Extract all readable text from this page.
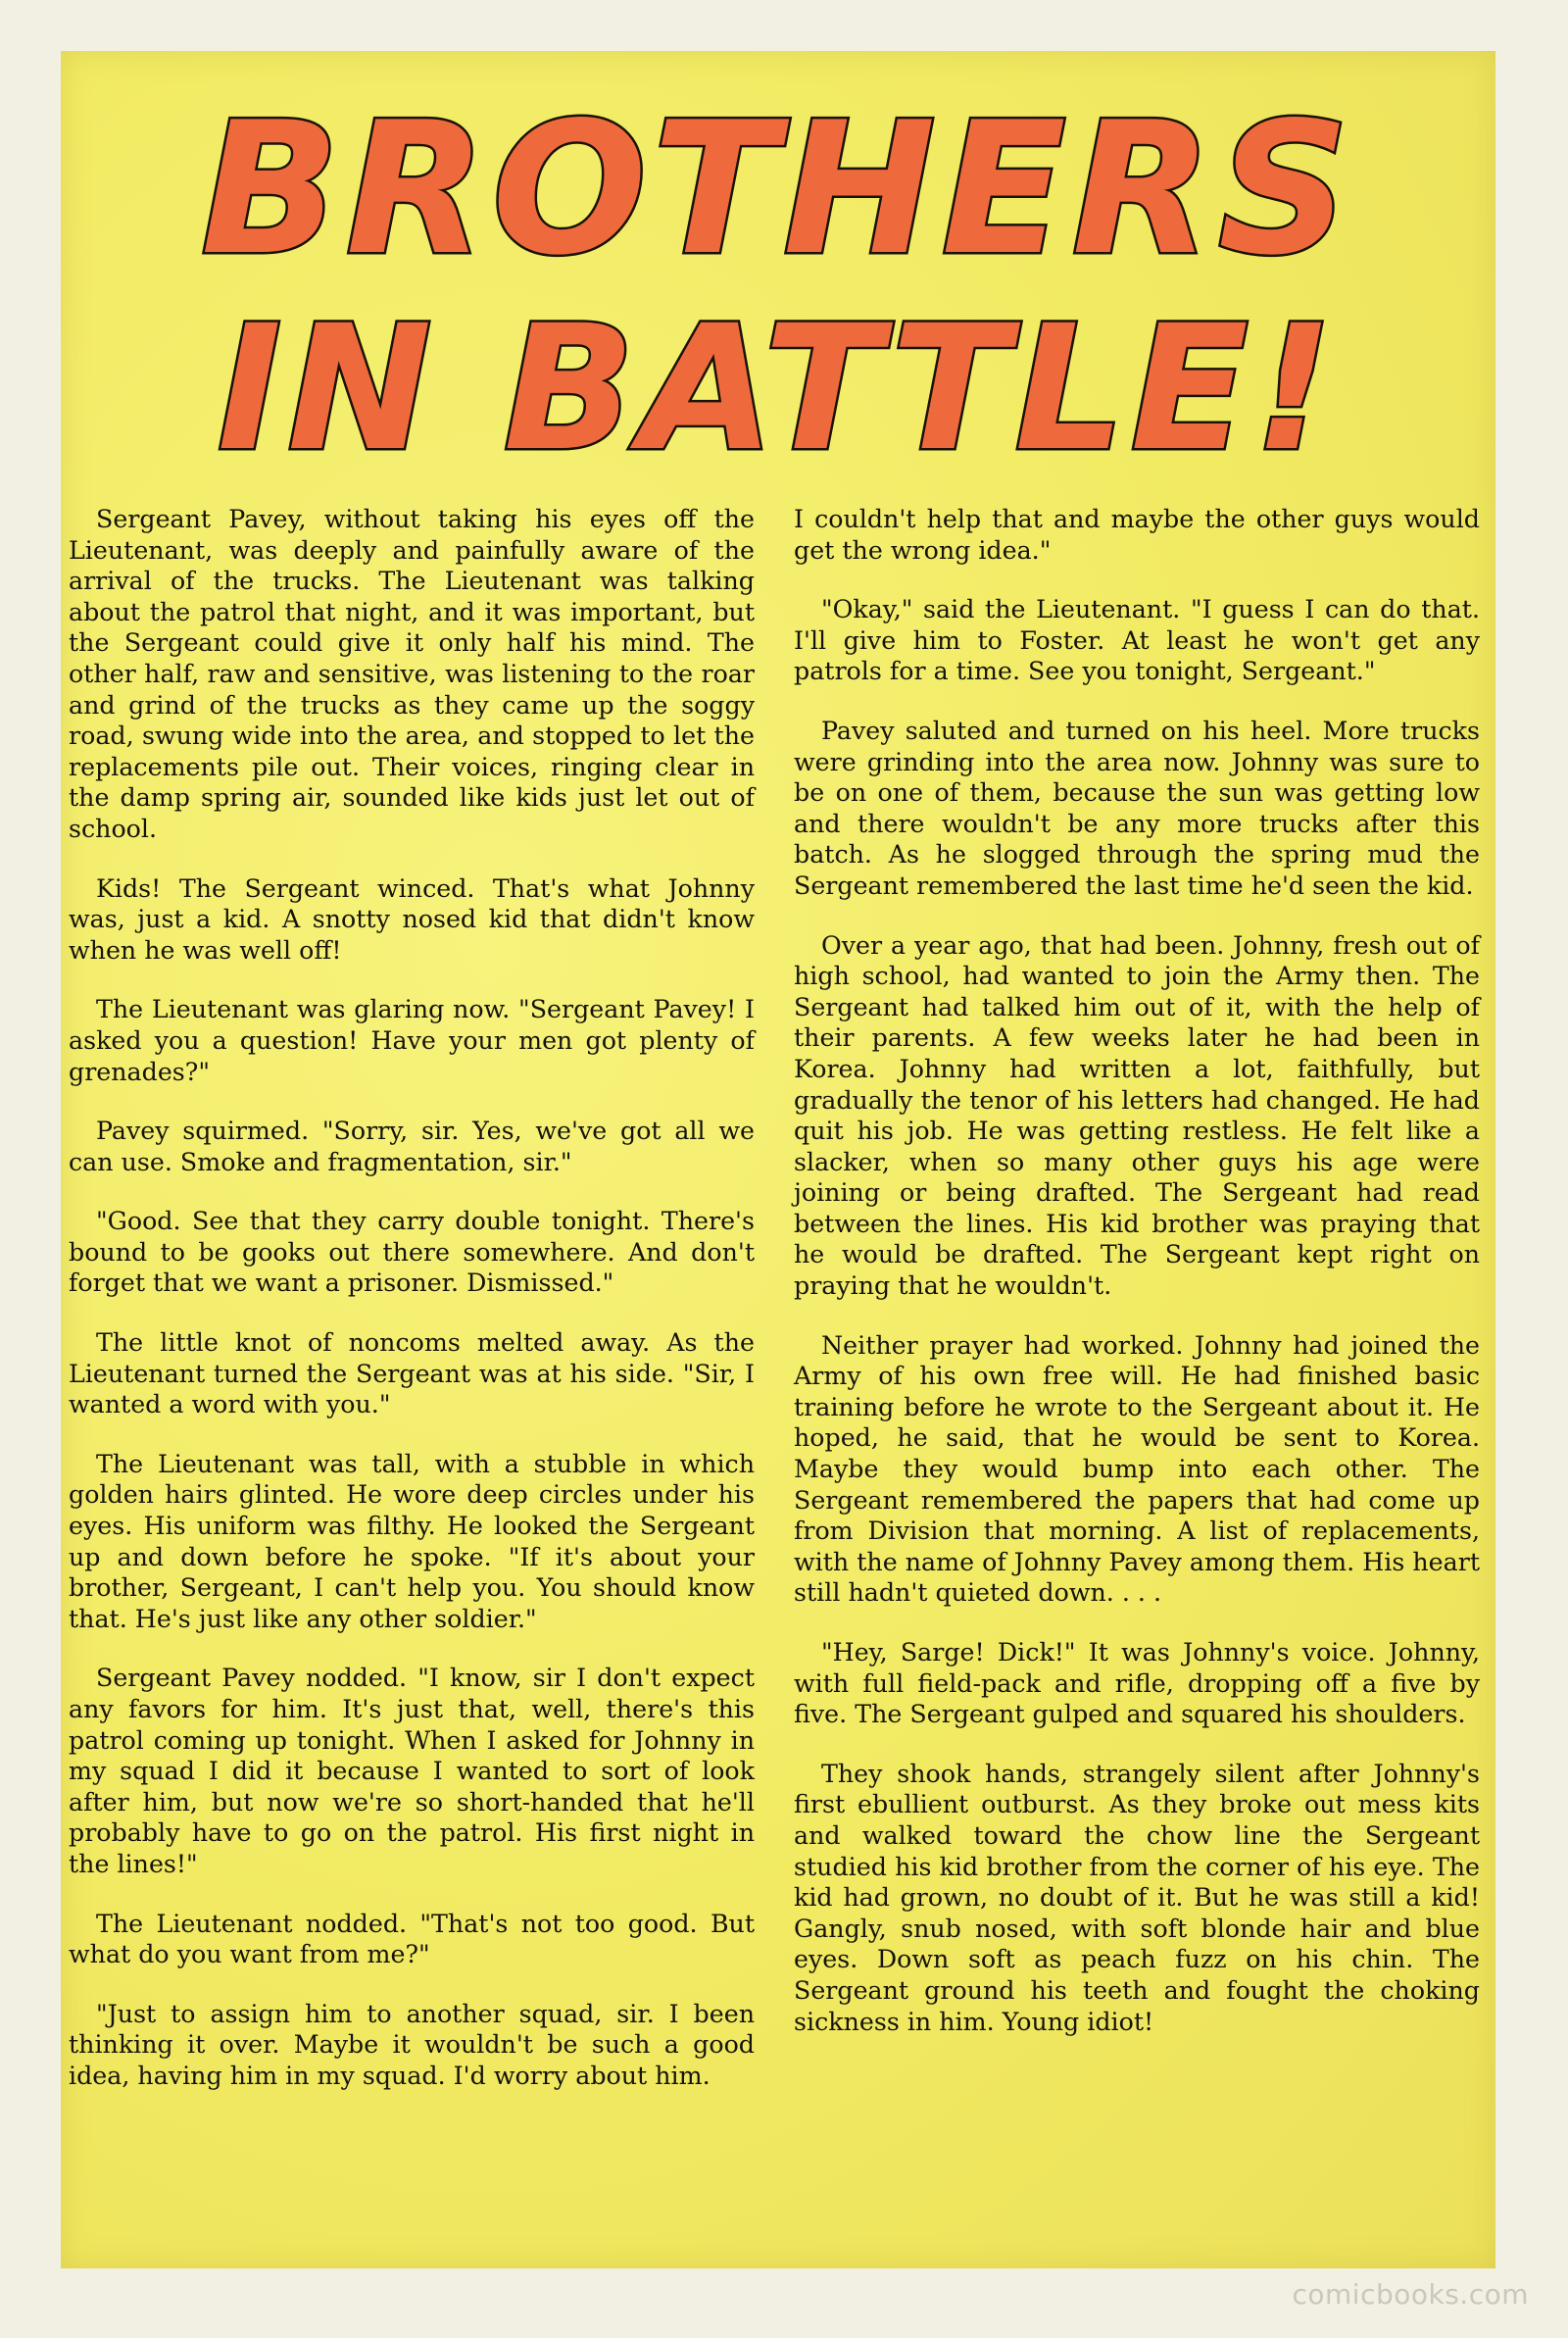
BROTHERS
IN BATTLE!

Sergeant Pavey, without taking his eyes off the Lieutenant, was deeply and painfully aware of the arrival of the trucks. The Lieutenant was talking about the patrol that night, and it was important, but the Sergeant could give it only half his mind. The other half, raw and sensitive, was listening to the roar and grind of the trucks as they came up the soggy road, swung wide into the area, and stopped to let the replacements pile out. Their voices, ringing clear in the damp spring air, sounded like kids just let out of school.

Kids! The Sergeant winced. That's what Johnny was, just a kid. A snotty nosed kid that didn't know when he was well off!

The Lieutenant was glaring now. "Sergeant Pavey! I asked you a question! Have your men got plenty of grenades?"

Pavey squirmed. "Sorry, sir. Yes, we've got all we can use. Smoke and fragmentation, sir."

"Good. See that they carry double tonight. There's bound to be gooks out there somewhere. And don't forget that we want a prisoner. Dismissed."

The little knot of noncoms melted away. As the Lieutenant turned the Sergeant was at his side. "Sir, I wanted a word with you."

The Lieutenant was tall, with a stubble in which golden hairs glinted. He wore deep circles under his eyes. His uniform was filthy. He looked the Sergeant up and down before he spoke. "If it's about your brother, Sergeant, I can't help you. You should know that. He's just like any other soldier."

Sergeant Pavey nodded. "I know, sir I don't expect any favors for him. It's just that, well, there's this patrol coming up tonight. When I asked for Johnny in my squad I did it because I wanted to sort of look after him, but now we're so short-handed that he'll probably have to go on the patrol. His first night in the lines!"

The Lieutenant nodded. "That's not too good. But what do you want from me?"

"Just to assign him to another squad, sir. I been thinking it over. Maybe it wouldn't be such a good idea, having him in my squad. I'd worry about him.

I couldn't help that and maybe the other guys would get the wrong idea."

"Okay," said the Lieutenant. "I guess I can do that. I'll give him to Foster. At least he won't get any patrols for a time. See you tonight, Sergeant."

Pavey saluted and turned on his heel. More trucks were grinding into the area now. Johnny was sure to be on one of them, because the sun was getting low and there wouldn't be any more trucks after this batch. As he slogged through the spring mud the Sergeant remembered the last time he'd seen the kid.

Over a year ago, that had been. Johnny, fresh out of high school, had wanted to join the Army then. The Sergeant had talked him out of it, with the help of their parents. A few weeks later he had been in Korea. Johnny had written a lot, faithfully, but gradually the tenor of his letters had changed. He had quit his job. He was getting restless. He felt like a slacker, when so many other guys his age were joining or being drafted. The Sergeant had read between the lines. His kid brother was praying that he would be drafted. The Sergeant kept right on praying that he wouldn't.

Neither prayer had worked. Johnny had joined the Army of his own free will. He had finished basic training before he wrote to the Sergeant about it. He hoped, he said, that he would be sent to Korea. Maybe they would bump into each other. The Sergeant remembered the papers that had come up from Division that morning. A list of replacements, with the name of Johnny Pavey among them. His heart still hadn't quieted down. . . .

"Hey, Sarge! Dick!" It was Johnny's voice. Johnny, with full field-pack and rifle, dropping off a five by five. The Sergeant gulped and squared his shoulders.

They shook hands, strangely silent after Johnny's first ebullient outburst. As they broke out mess kits and walked toward the chow line the Sergeant studied his kid brother from the corner of his eye. The kid had grown, no doubt of it. But he was still a kid! Gangly, snub nosed, with soft blonde hair and blue eyes. Down soft as peach fuzz on his chin. The Sergeant ground his teeth and fought the choking sickness in him. Young idiot!

comicbooks.com
